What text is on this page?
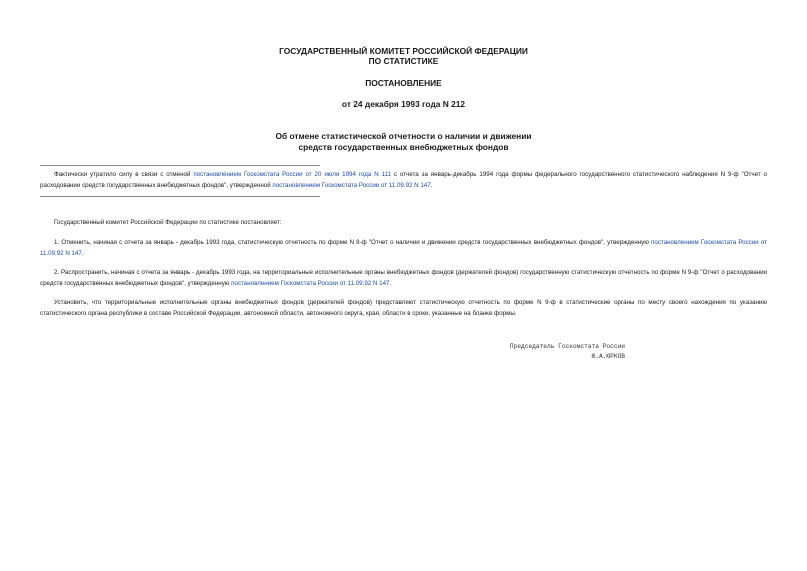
ГОСУДАРСТВЕННЫЙ КОМИТЕТ РОССИЙСКОЙ ФЕДЕРАЦИИ
ПО СТАТИСТИКЕ
ПОСТАНОВЛЕНИЕ
от 24 декабря 1993 года N 212
Об отмене статистической отчетности о наличии и движении
средств государственных внебюджетных фондов
Фактически утратило силу в связи с отменой постановлением Госкомстата России от 20 июля 1994 года N 111 с отчета за январь-декабрь 1994 года формы федерального государственного статистического наблюдения N 9-ф "Отчет о расходовании средств государственных внебюджетных фондов", утвержденной постановлением Госкомстата России от 11.09.92 N 147.
Государственный комитет Российской Федерации по статистике постановляет:
1. Отменить, начиная с отчета за январь - декабрь 1993 года, статистическую отчетность по форме N 8-ф "Отчет о наличии и движении средств государственных внебюджетных фондов", утвержденную постановлением Госкомстата России от 11.09.92 N 147.
2. Распространить, начиная с отчета за январь - декабрь 1993 года, на территориальные исполнительные органы внебюджетных фондов (держателей фондов) государственную статистическую отчетность по форме N 9-ф "Отчет о расходовании средств государственных внебюджетных фондов", утвержденную постановлением Госкомстата России от 11.09.92 N 147.
Установить, что территориальные исполнительные органы внебюджетных фондов (держателей фондов) представляют статистическую отчетность по форме N 9-ф в статистические органы по месту своего нахождения по указанию статистического органа республики в составе Российской Федерации, автономной области, автономного округа, края, области в сроки, указанные на бланке формы.
Председатель Госкомстата России
Ю.А.ЮРКОВ
